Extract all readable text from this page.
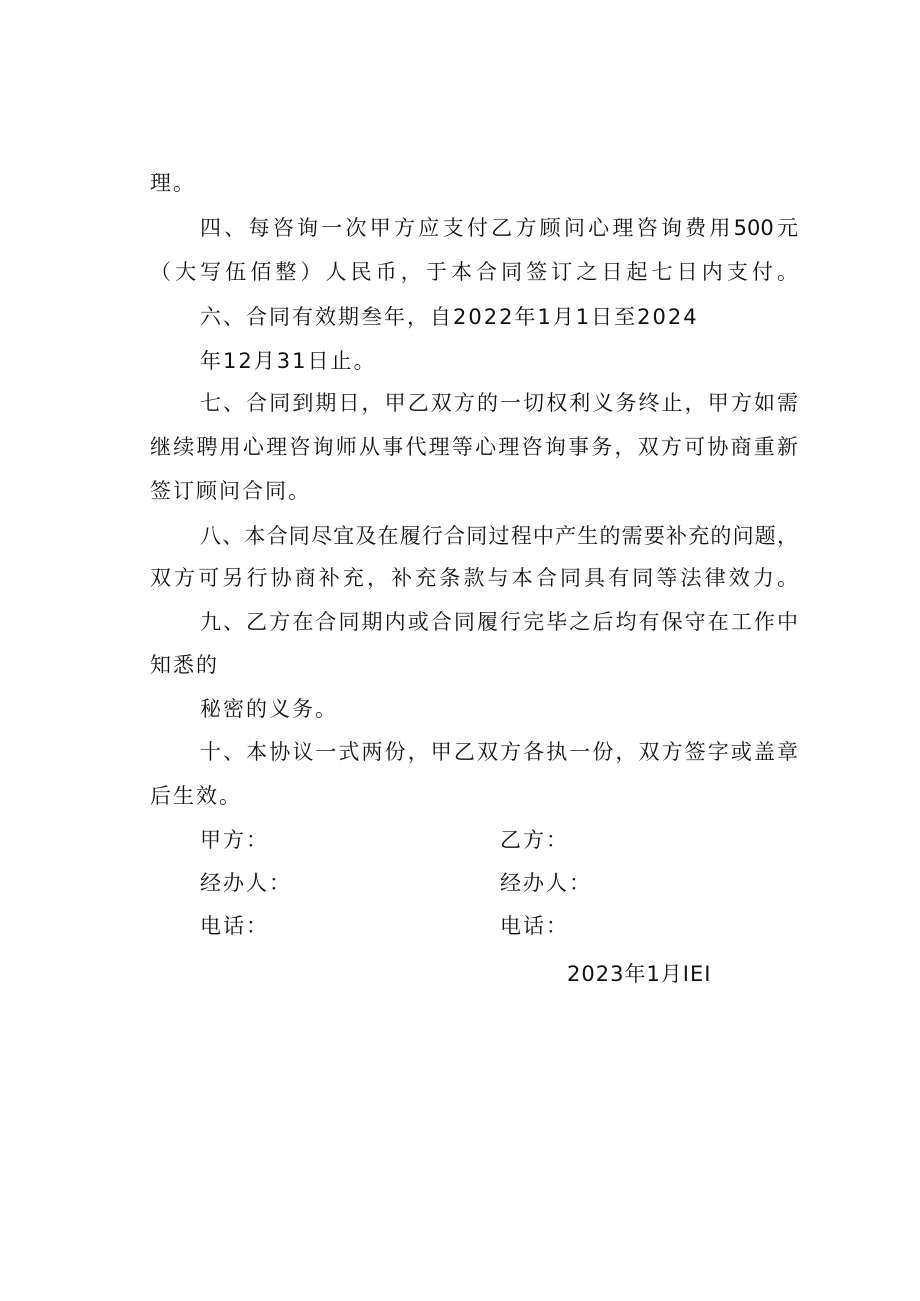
理。
四、每咨询一次甲方应支付乙方顾问心理咨询费用500元
（大写伍佰整）人民币，于本合同签订之日起七日内支付。
六、合同有效期叁年，自2022年1月1日至2024
年12月31日止。
七、合同到期日，甲乙双方的一切权利义务终止，甲方如需
继续聘用心理咨询师从事代理等心理咨询事务，双方可协商重新
签订顾问合同。
八、本合同尽宜及在履行合同过程中产生的需要补充的问题，
双方可另行协商补充，补充条款与本合同具有同等法律效力。
九、乙方在合同期内或合同履行完毕之后均有保守在工作中
知悉的
秘密的义务。
十、本协议一式两份，甲乙双方各执一份，双方签字或盖章
后生效。
甲方：	乙方：
经办人：	经办人：
电话：	电话：
2023年1月IEI
